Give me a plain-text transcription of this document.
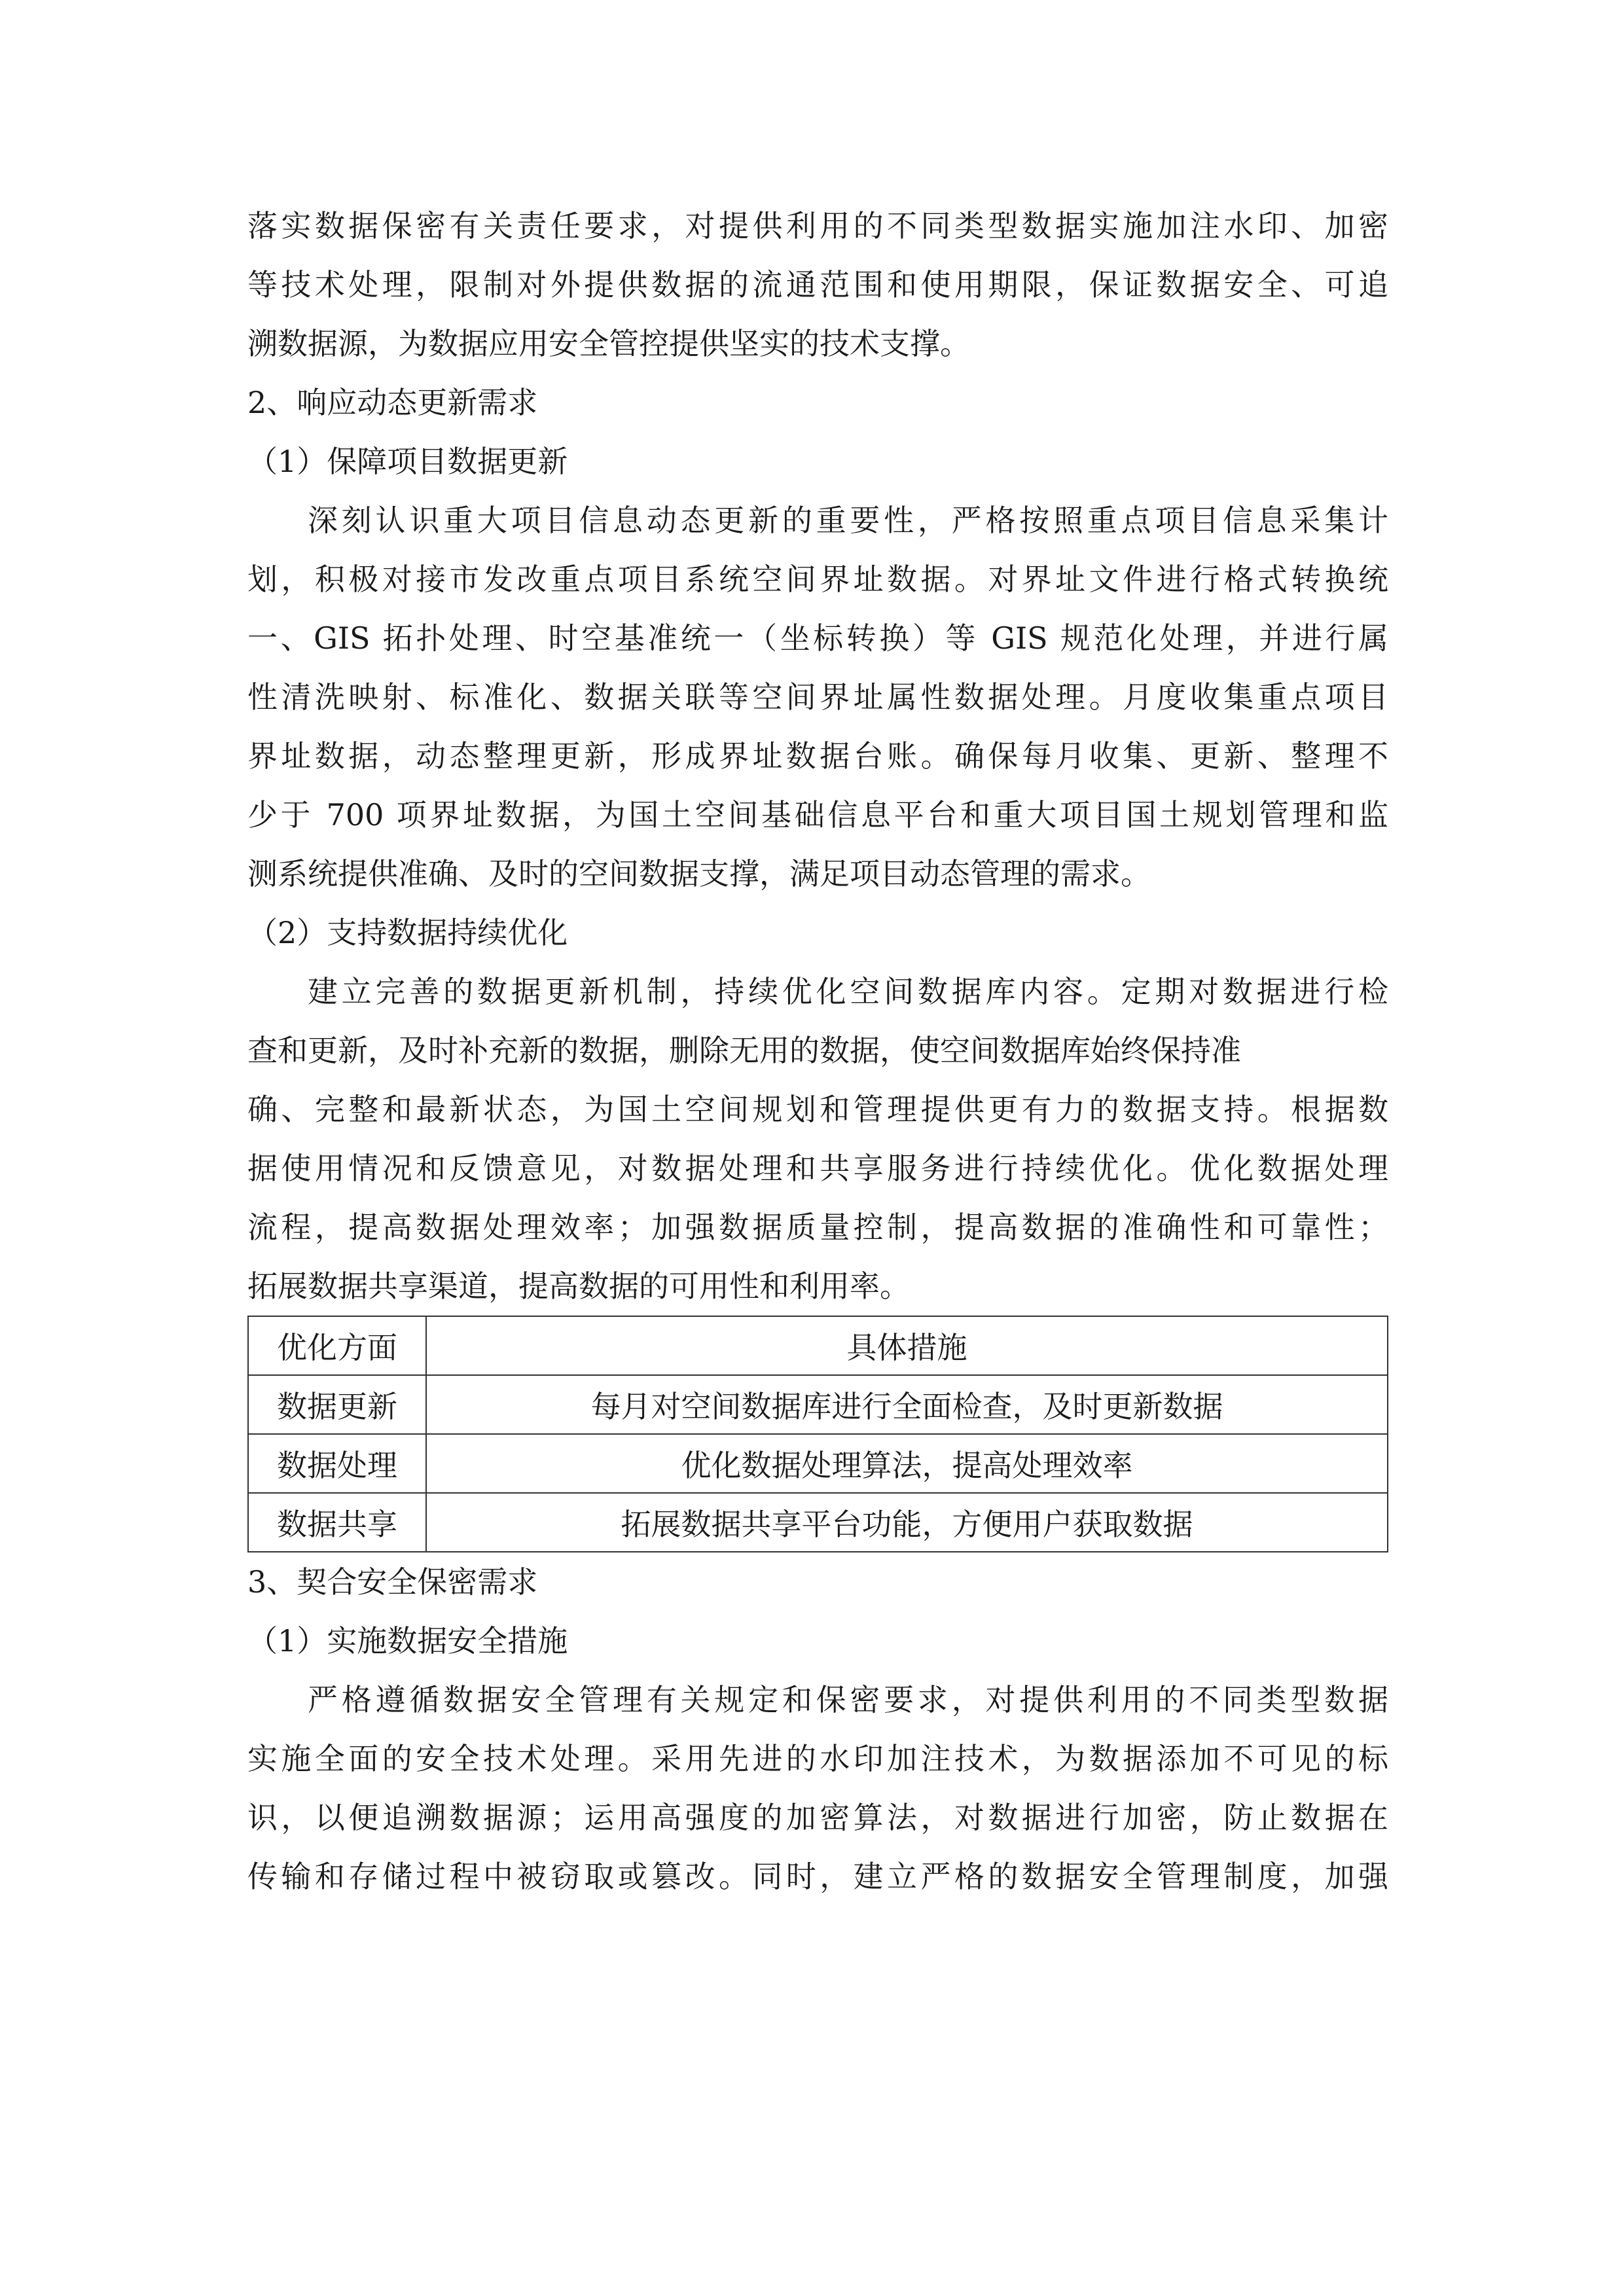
落实数据保密有关责任要求，对提供利用的不同类型数据实施加注水印、加密
等技术处理，限制对外提供数据的流通范围和使用期限，保证数据安全、可追
溯数据源，为数据应用安全管控提供坚实的技术支撑。
2、响应动态更新需求
（1）保障项目数据更新
深刻认识重大项目信息动态更新的重要性，严格按照重点项目信息采集计
划，积极对接市发改重点项目系统空间界址数据。对界址文件进行格式转换统
一、GIS 拓扑处理、时空基准统一（坐标转换）等 GIS 规范化处理，并进行属
性清洗映射、标准化、数据关联等空间界址属性数据处理。月度收集重点项目
界址数据，动态整理更新，形成界址数据台账。确保每月收集、更新、整理不
少于 700 项界址数据，为国土空间基础信息平台和重大项目国土规划管理和监
测系统提供准确、及时的空间数据支撑，满足项目动态管理的需求。
（2）支持数据持续优化
建立完善的数据更新机制，持续优化空间数据库内容。定期对数据进行检
查和更新，及时补充新的数据，删除无用的数据，使空间数据库始终保持准
确、完整和最新状态，为国土空间规划和管理提供更有力的数据支持。根据数
据使用情况和反馈意见，对数据处理和共享服务进行持续优化。优化数据处理
流程，提高数据处理效率；加强数据质量控制，提高数据的准确性和可靠性；
拓展数据共享渠道，提高数据的可用性和利用率。
优化方面	具体措施
数据更新	每月对空间数据库进行全面检查，及时更新数据
数据处理	优化数据处理算法，提高处理效率
数据共享	拓展数据共享平台功能，方便用户获取数据
3、契合安全保密需求
（1）实施数据安全措施
严格遵循数据安全管理有关规定和保密要求，对提供利用的不同类型数据
实施全面的安全技术处理。采用先进的水印加注技术，为数据添加不可见的标
识，以便追溯数据源；运用高强度的加密算法，对数据进行加密，防止数据在
传输和存储过程中被窃取或篡改。同时，建立严格的数据安全管理制度，加强
